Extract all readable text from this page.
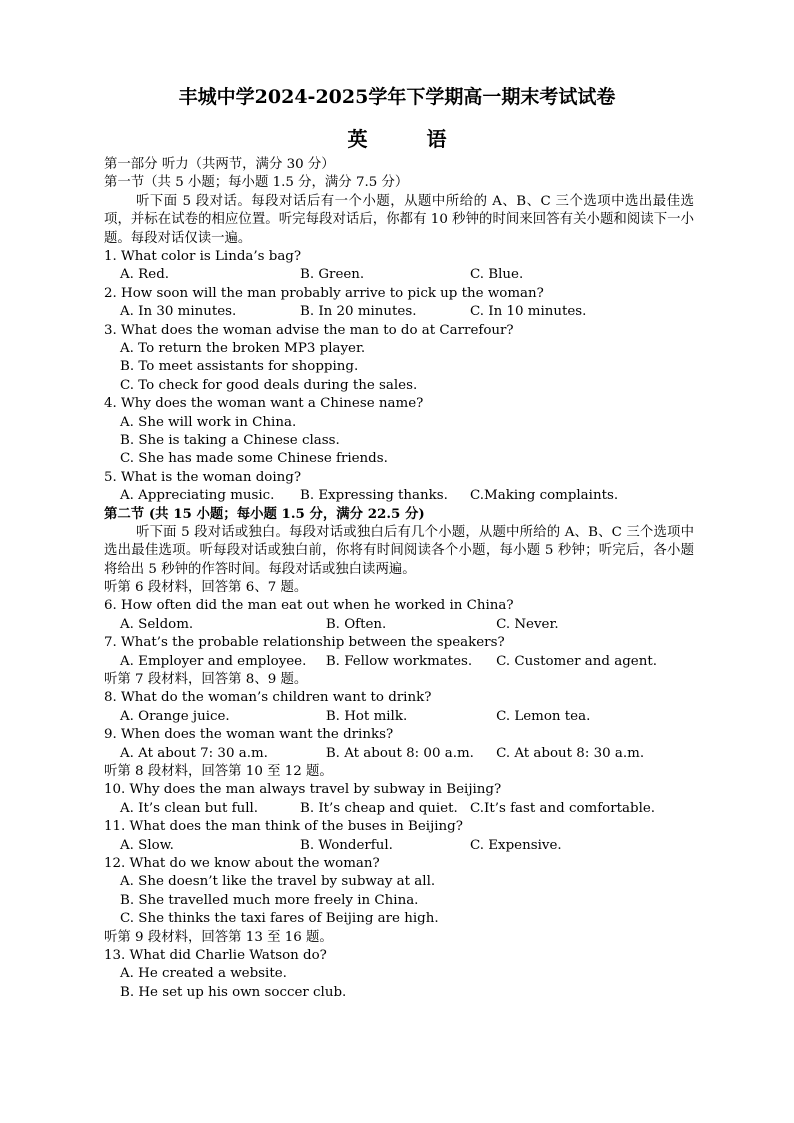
丰城中学2024-2025学年下学期高一期末考试试卷
英 语
第一部分 听力（共两节，满分 30 分）
第一节（共 5 小题；每小题 1.5 分，满分 7.5 分）
听下面 5 段对话。每段对话后有一个小题，从题中所给的 A、B、C 三个选项中选出最佳选项，并标在试卷的相应位置。听完每段对话后，你都有 10 秒钟的时间来回答有关小题和阅读下一小题。每段对话仅读一遍。
1. What color is Linda’s bag?
A. Red.	B. Green.	C. Blue.
2. How soon will the man probably arrive to pick up the woman?
A. In 30 minutes.	B. In 20 minutes.	C. In 10 minutes.
3. What does the woman advise the man to do at Carrefour?
A. To return the broken MP3 player.
B. To meet assistants for shopping.
C. To check for good deals during the sales.
4. Why does the woman want a Chinese name?
A. She will work in China.
B. She is taking a Chinese class.
C. She has made some Chinese friends.
5. What is the woman doing?
A. Appreciating music.	B. Expressing thanks.	C.Making complaints.
第二节 (共 15 小题；每小题 1.5 分，满分 22.5 分)
听下面 5 段对话或独白。每段对话或独白后有几个小题，从题中所给的 A、B、C 三个选项中选出最佳选项。听每段对话或独白前，你将有时间阅读各个小题，每小题 5 秒钟；听完后，各小题将给出 5 秒钟的作答时间。每段对话或独白读两遍。
听第 6 段材料，回答第 6、7 题。
6. How often did the man eat out when he worked in China?
A. Seldom.	B. Often.	C. Never.
7. What’s the probable relationship between the speakers?
A. Employer and employee.	B. Fellow workmates.	C. Customer and agent.
听第 7 段材料，回答第 8、9 题。
8. What do the woman’s children want to drink?
A. Orange juice.	B. Hot milk.	C. Lemon tea.
9. When does the woman want the drinks?
A. At about 7: 30 a.m.	B. At about 8: 00 a.m.	C. At about 8: 30 a.m.
听第 8 段材料，回答第 10 至 12 题。
10. Why does the man always travel by subway in Beijing?
A. It’s clean but full.	B. It’s cheap and quiet. C.It’s fast and comfortable.
11. What does the man think of the buses in Beijing?
A. Slow.	B. Wonderful.	C. Expensive.
12. What do we know about the woman?
A. She doesn’t like the travel by subway at all.
B. She travelled much more freely in China.
C. She thinks the taxi fares of Beijing are high.
听第 9 段材料，回答第 13 至 16 题。
13. What did Charlie Watson do?
A. He created a website.
B. He set up his own soccer club.
